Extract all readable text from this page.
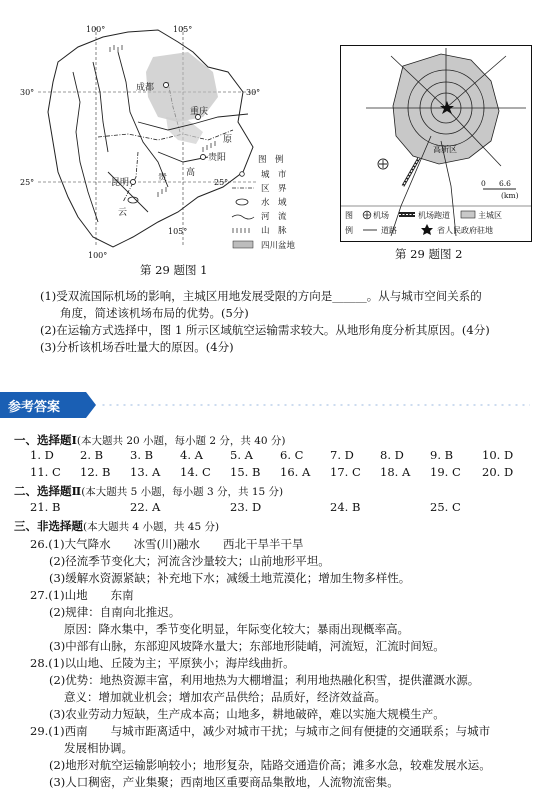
100°	105°
30°	30°
25°	25°
100°
105°
成都
重庆
贵阳
昆明
云
贵 高
原
图　例
城　市
区　界
水　域
河　流
山　脉
四川盆地
第 29 题图 1
高新区
0 6.6
(km)
图
例
机场	机场跑道	主城区
道路	省人民政府驻地
第 29 题图 2
(1)受双流国际机场的影响，主城区用地发展受限的方向是______。从与城市空间关系的
角度，简述该机场布局的优势。(5分)
(2)在运输方式选择中，图 1 所示区域航空运输需求较大。从地形角度分析其原因。(4分)
(3)分析该机场吞吐量大的原因。(4分)
参考答案
一、选择题Ⅰ(本大题共 20 小题，每小题 2 分，共 40 分)
1. D 2. B 3. B 4. A 5. A 6. C 7. D 8. D 9. B	10. D
11. C 12. B 13. A 14. C 15. B 16. A 17. C 18. A 19. C 20. D
二、选择题Ⅱ(本大题共 5 小题，每小题 3 分，共 15 分)
21. B	22. A	23. D	24. B	25. C
三、非选择题(本大题共 4 小题，共 45 分)
26.(1)大气降水　　冰雪(川)融水　　西北干旱半干旱
(2)径流季节变化大；河流含沙量较大；山前地形平坦。
(3)缓解水资源紧缺；补充地下水；减缓土地荒漠化；增加生物多样性。
27.(1)山地　　东南
(2)规律：自南向北推迟。
原因：降水集中，季节变化明显，年际变化较大；暴雨出现概率高。
(3)中部有山脉，东部迎风坡降水量大；东部地形陡峭，河流短，汇流时间短。
28.(1)以山地、丘陵为主；平原狭小；海岸线曲折。
(2)优势：地热资源丰富，利用地热为大棚增温；利用地热融化积雪，提供灌溉水源。
意义：增加就业机会；增加农产品供给；品质好，经济效益高。
(3)农业劳动力短缺，生产成本高；山地多，耕地破碎，难以实施大规模生产。
29.(1)西南　　与城市距离适中，减少对城市干扰；与城市之间有便捷的交通联系；与城市
发展相协调。
(2)地形对航空运输影响较小；地形复杂，陆路交通造价高；滩多水急，较难发展水运。
(3)人口稠密，产业集聚；西南地区重要商品集散地，人流物流密集。
